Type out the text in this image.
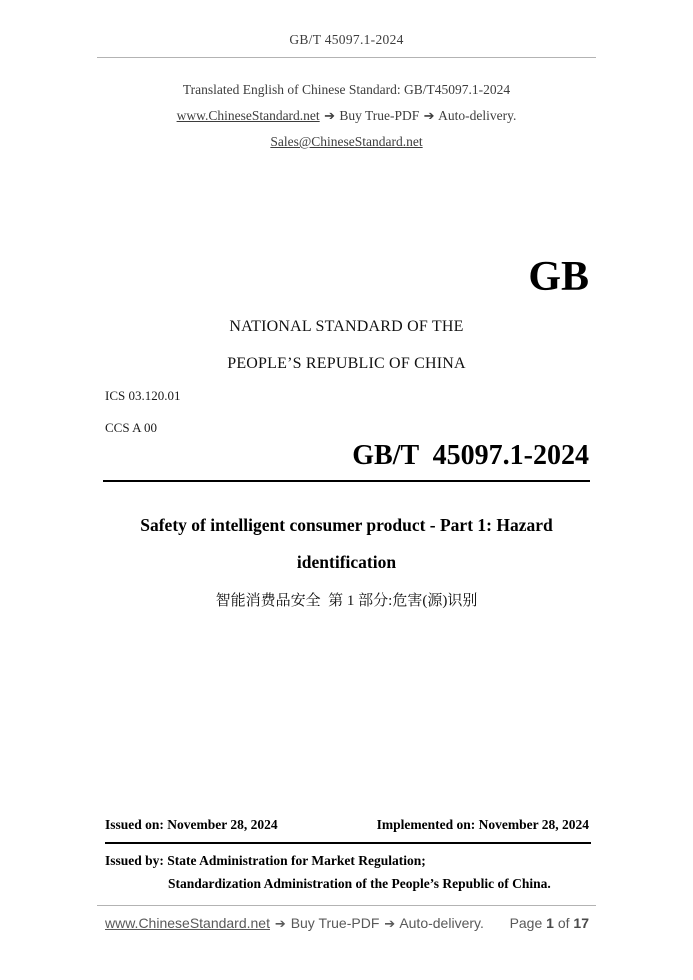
GB/T 45097.1-2024
Translated English of Chinese Standard: GB/T45097.1-2024
www.ChineseStandard.net ➔ Buy True-PDF ➔ Auto-delivery.
Sales@ChineseStandard.net
GB
NATIONAL STANDARD OF THE
PEOPLE’S REPUBLIC OF CHINA
ICS 03.120.01
CCS A 00
GB/T  45097.1-2024
Safety of intelligent consumer product - Part 1: Hazard
identification
智能消费品安全  第 1 部分:危害(源)识别
Issued on: November 28, 2024	Implemented on: November 28, 2024
Issued by: State Administration for Market Regulation;
Standardization Administration of the People’s Republic of China.
www.ChineseStandard.net ➔ Buy True-PDF ➔ Auto-delivery. Page 1 of 17
